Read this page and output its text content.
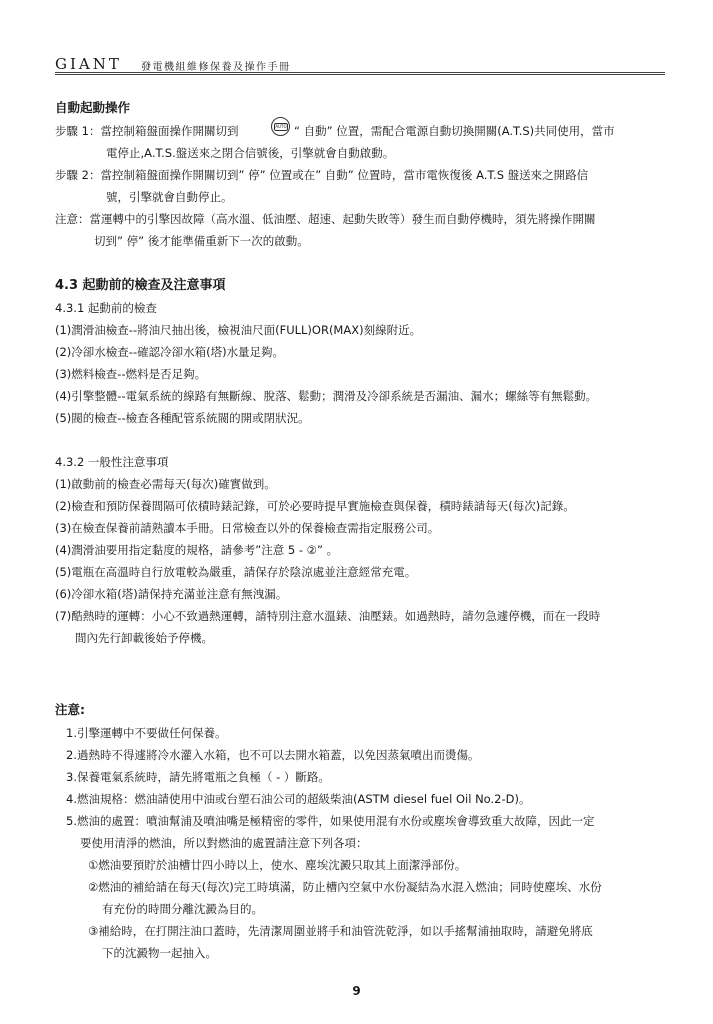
GIANT 發電機組維修保養及操作手冊
自動起動操作
步驟 1：當控制箱盤面操作開關切到	AUTO “ 自動” 位置，需配合電源自動切換開關(A.T.S)共同使用，當市
電停止,A.T.S.盤送來之閉合信號後，引擎就會自動啟動。
步驟 2：當控制箱盤面操作開關切到” 停” 位置或在” 自動” 位置時，當市電恢復後 A.T.S 盤送來之開路信
號，引擎就會自動停止。
注意：當運轉中的引擎因故障（高水溫、低油壓、超速、起動失敗等）發生而自動停機時，須先將操作開關
切到” 停” 後才能準備重新下一次的啟動。
4.3 起動前的檢查及注意事項
4.3.1 起動前的檢查
(1)潤滑油檢查--將油尺抽出後，檢視油尺面(FULL)OR(MAX)刻線附近。
(2)冷卻水檢查--確認冷卻水箱(塔)水量足夠。
(3)燃料檢查--燃料是否足夠。
(4)引擎整體--電氣系統的線路有無斷線、脫落、鬆動；潤滑及冷卻系統是否漏油、漏水；螺絲等有無鬆動。
(5)閥的檢查--檢查各種配管系統閥的開或閉狀況。
4.3.2 一般性注意事項
(1)啟動前的檢查必需每天(每次)確實做到。
(2)檢查和預防保養間隔可依積時錶記錄，可於必要時提早實施檢查與保養，積時錶請每天(每次)記錄。
(3)在檢查保養前請熟讀本手冊。日常檢查以外的保養檢查需指定服務公司。
(4)潤滑油要用指定黏度的規格，請參考”注意 5 - ②” 。
(5)電瓶在高溫時自行放電較為嚴重，請保存於陰涼處並注意經常充電。
(6)冷卻水箱(塔)請保持充滿並注意有無洩漏。
(7)酷熱時的運轉：小心不致過熱運轉，請特別注意水溫錶、油壓錶。如過熱時，請勿急遽停機，而在一段時
間內先行卸載後始予停機。
注意:
1.引擎運轉中不要做任何保養。
2.過熱時不得遽將冷水灌入水箱，也不可以去開水箱蓋，以免因蒸氣噴出而燙傷。
3.保養電氣系統時，請先將電瓶之負極（ - ）斷路。
4.燃油規格：燃油請使用中油或台塑石油公司的超級柴油(ASTM diesel fuel Oil No.2-D)。
5.燃油的處置：噴油幫浦及噴油嘴是極精密的零件，如果使用混有水份或塵埃會導致重大故障，因此一定
要使用清淨的燃油，所以對燃油的處置請注意下列各項：
①燃油要預貯於油槽廿四小時以上，使水、塵埃沈澱只取其上面潔淨部份。
②燃油的補給請在每天(每次)完工時填滿，防止槽內空氣中水份凝結為水混入燃油；同時使塵埃、水份
有充份的時間分離沈澱為目的。
③補給時，在打開注油口蓋時，先清潔周圍並將手和油管洗乾淨，如以手搖幫浦抽取時，請避免將底
下的沈澱物一起抽入。
9
